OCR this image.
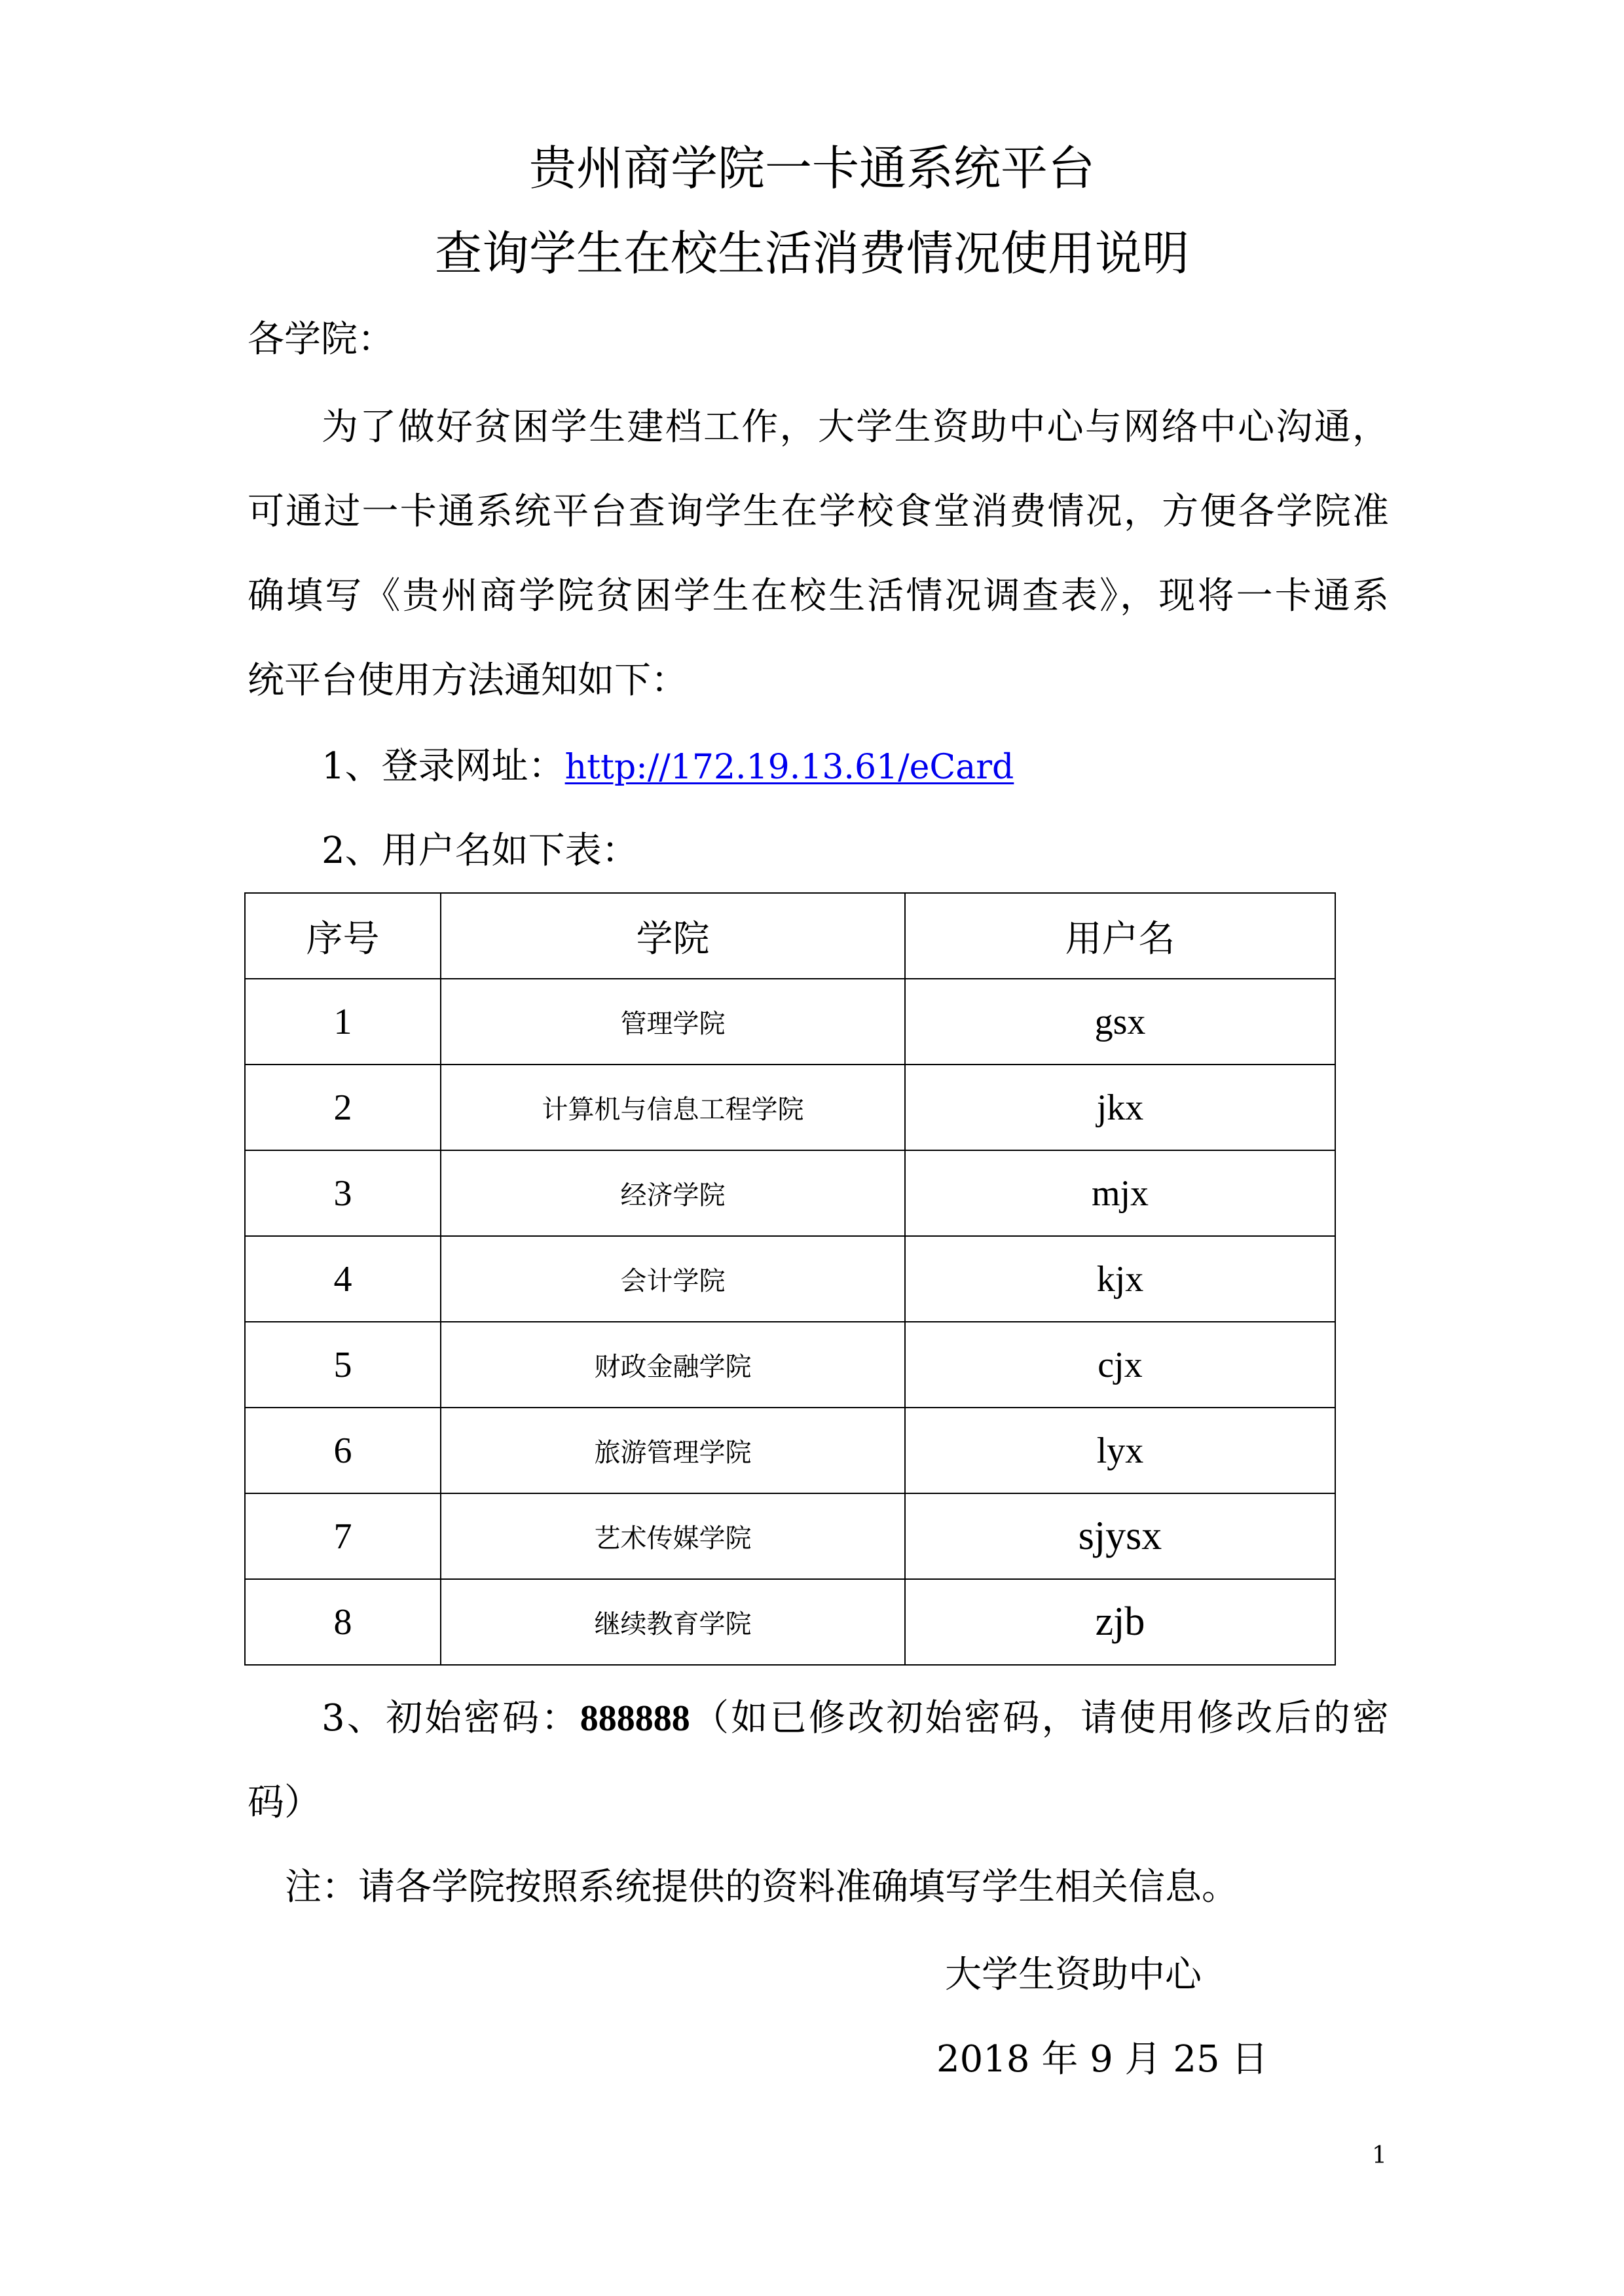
贵州商学院一卡通系统平台
查询学生在校生活消费情况使用说明
各学院：
为了做好贫困学生建档工作，大学生资助中心与网络中心沟通，
可通过一卡通系统平台查询学生在学校食堂消费情况，方便各学院准
确填写《贵州商学院贫困学生在校生活情况调查表》，现将一卡通系
统平台使用方法通知如下：
1、登录网址：http://172.19.13.61/eCard
2、用户名如下表：
序号	学院	用户名
1	管理学院	gsx
2	计算机与信息工程学院	jkx
3	经济学院	mjx
4	会计学院	kjx
5	财政金融学院	cjx
6	旅游管理学院	lyx
7	艺术传媒学院	sjysx
8	继续教育学院	zjb
3、初始密码：888888（如已修改初始密码，请使用修改后的密
码）
注：请各学院按照系统提供的资料准确填写学生相关信息。
大学生资助中心
2018 年 9 月 25 日
1
